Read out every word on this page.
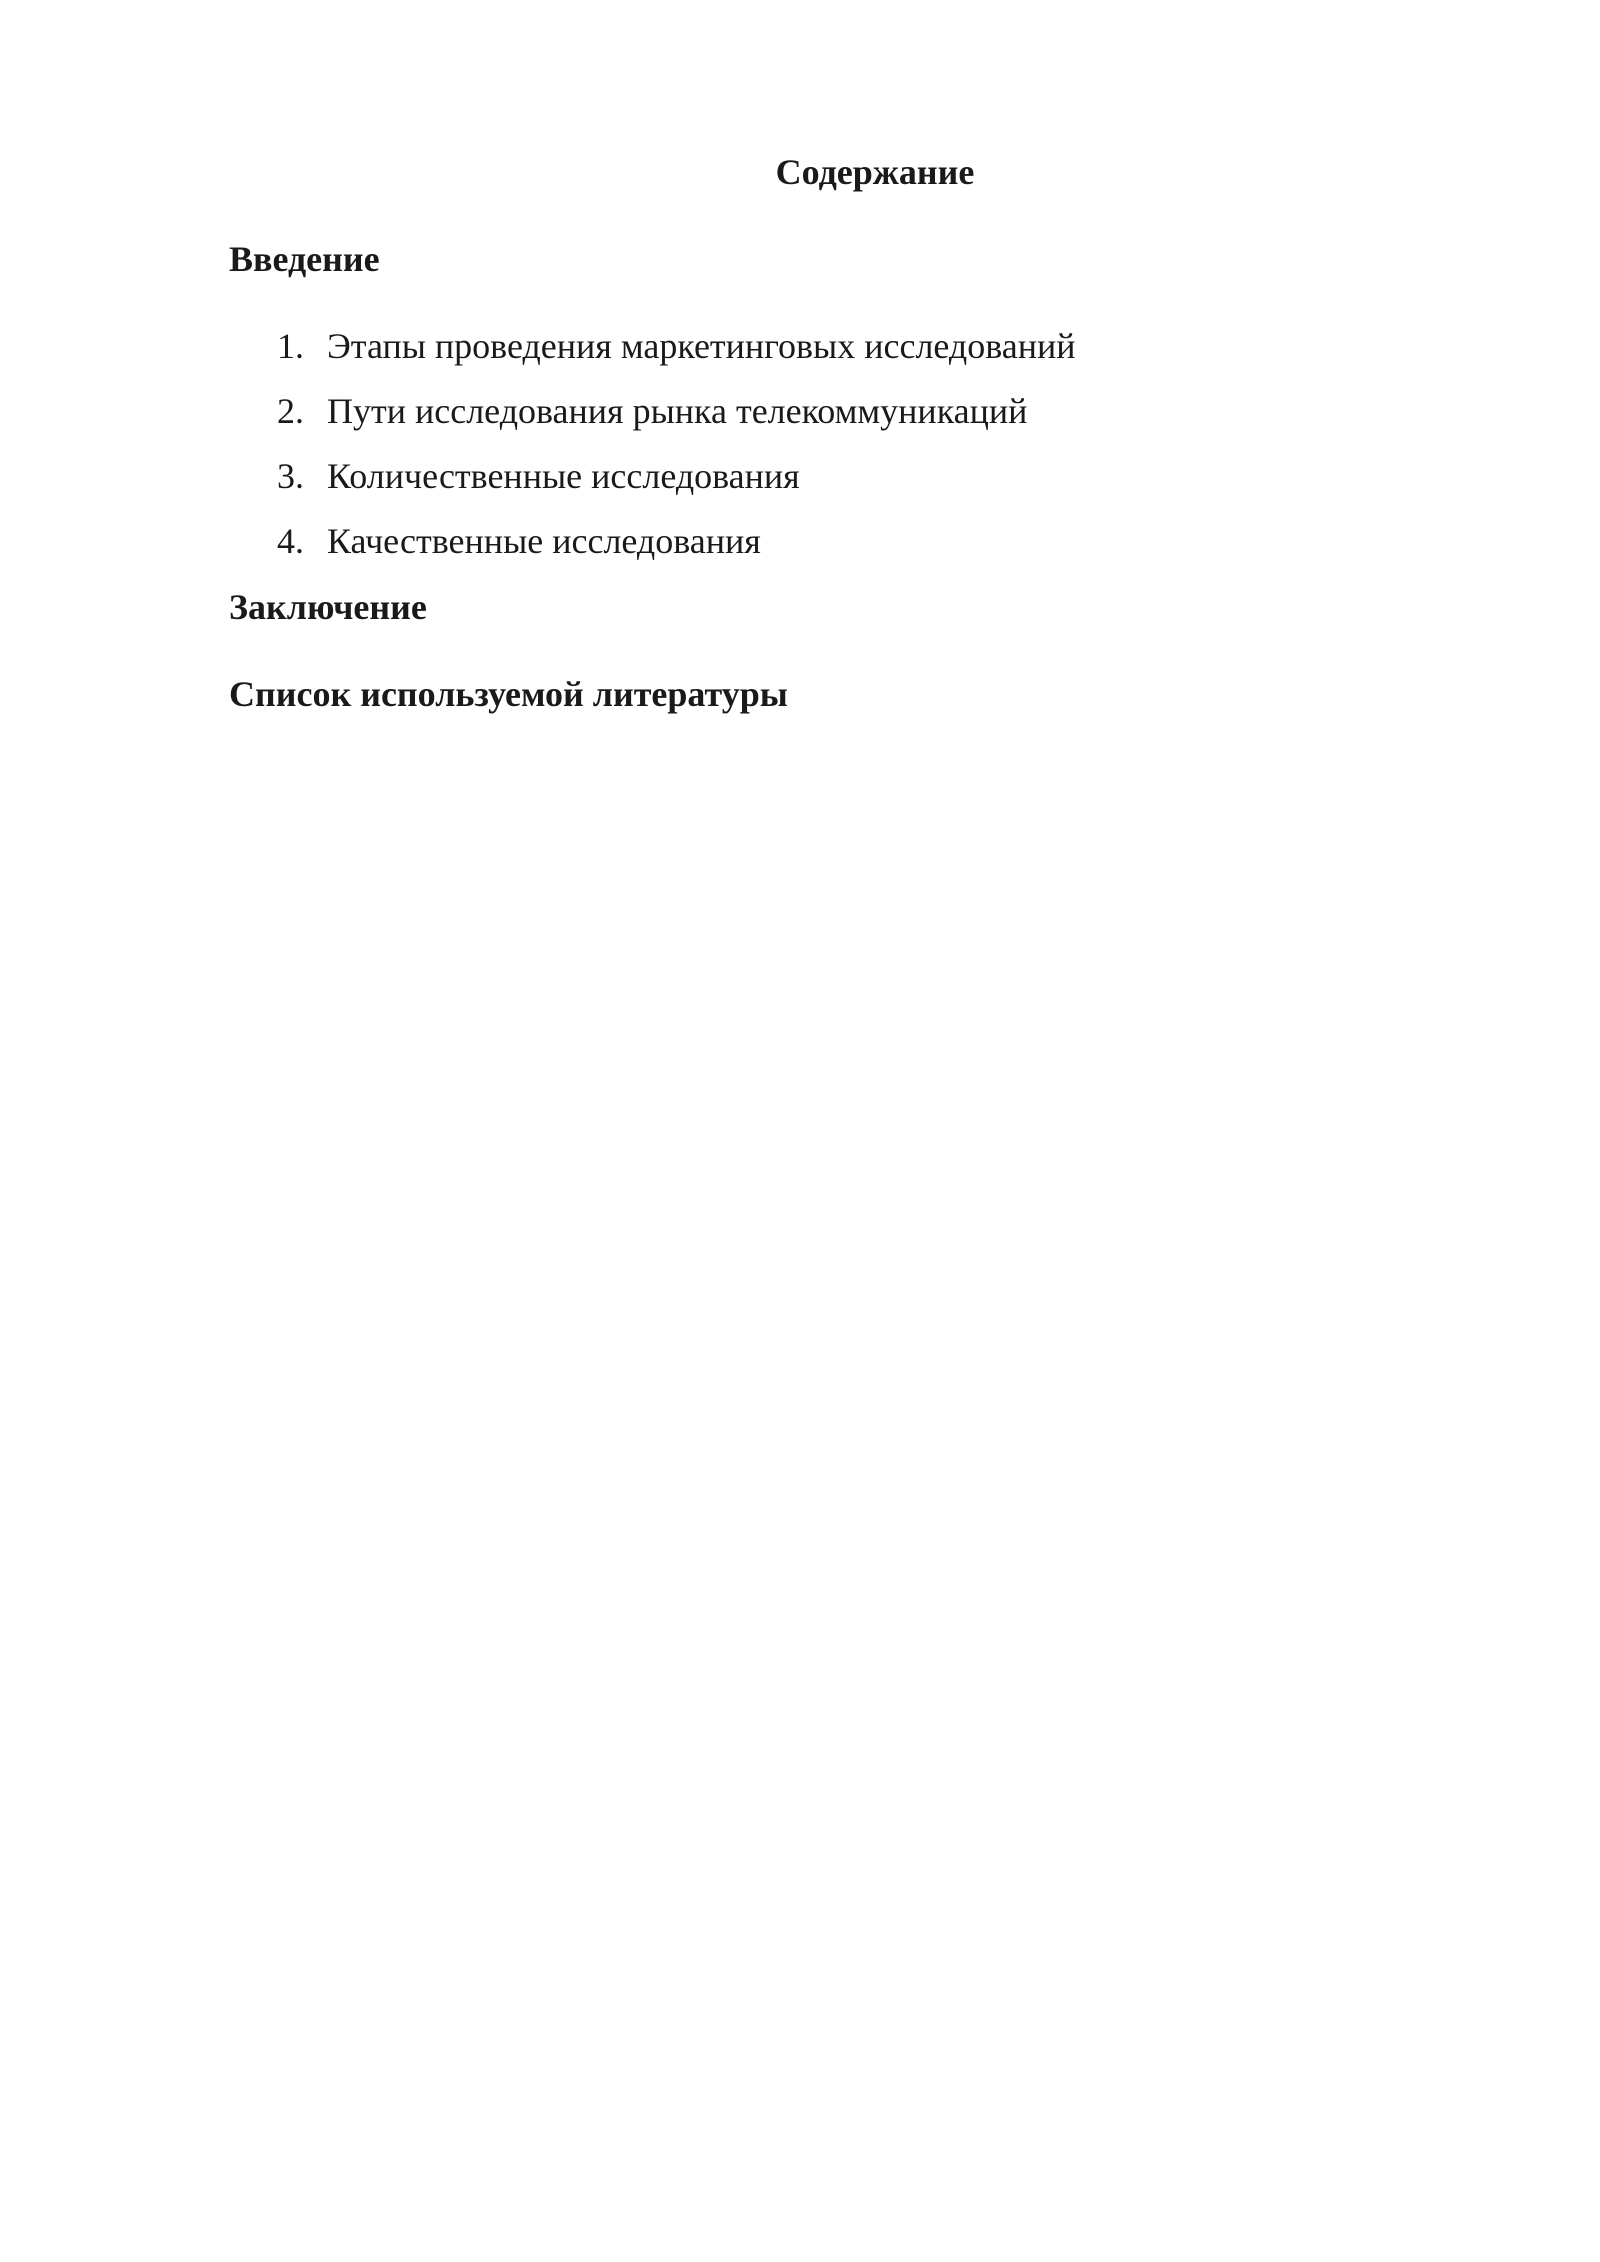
Содержание
Введение
1. Этапы проведения маркетинговых исследований
2. Пути исследования рынка телекоммуникаций
3. Количественные исследования
4. Качественные исследования
Заключение
Список используемой литературы
